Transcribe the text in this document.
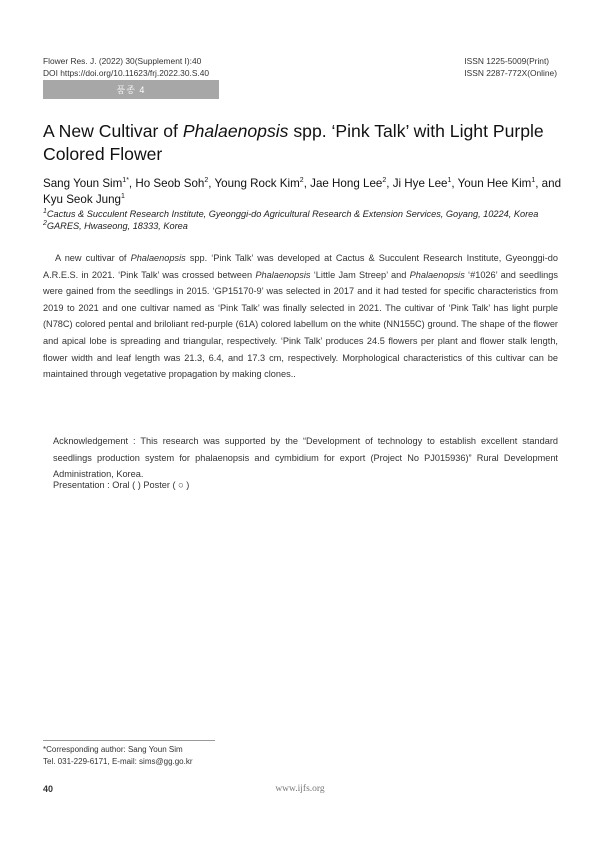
Flower Res. J. (2022) 30(Supplement I):40
DOI https://doi.org/10.11623/frj.2022.30.S.40
ISSN 1225-5009(Print)
ISSN 2287-772X(Online)
품종 4
A New Cultivar of Phalaenopsis spp. ‘Pink Talk’ with Light Purple Colored Flower
Sang Youn Sim$^{1*}$, Ho Seob Soh$^2$, Young Rock Kim$^2$, Jae Hong Lee$^2$, Ji Hye Lee$^1$, Youn Hee Kim$^1$, and Kyu Seok Jung$^1$
$^1$Cactus & Succulent Research Institute, Gyeonggi-do Agricultural Research & Extension Services, Goyang, 10224, Korea
$^2$GARES, Hwaseong, 18333, Korea
A new cultivar of Phalaenopsis spp. ‘Pink Talk’ was developed at Cactus & Succulent Research Institute, Gyeonggi-do A.R.E.S. in 2021. ‘Pink Talk’ was crossed between Phalaenopsis ‘Little Jam Streep’ and Phalaenopsis ‘#1026’ and seedlings were gained from the seedlings in 2015. ‘GP15170-9’ was selected in 2017 and it had tested for specific characteristics from 2019 to 2021 and one cultivar named as ‘Pink Talk’ was finally selected in 2021. The cultivar of ‘Pink Talk’ has light purple (N78C) colored pental and briloliant red-purple (61A) colored labellum on the white (NN155C) ground. The shape of the flower and apical lobe is spreading and triangular, respectively. ‘Pink Talk’ produces 24.5 flowers per plant and flower stalk length, flower width and leaf length was 21.3, 6.4, and 17.3 cm, respectively. Morphological characteristics of this cultivar can be maintained through vegetative propagation by making clones..
Acknowledgement : This research was supported by the “Development of technology to establish excellent standard seedlings production system for phalaenopsis and cymbidium for export (Project No PJ015936)” Rural Development Administration, Korea.
Presentation : Oral ( ) Poster ( ○ )
*Corresponding author: Sang Youn Sim
Tel. 031-229-6171, E-mail: sims@gg.go.kr
40	www.ijfs.org
